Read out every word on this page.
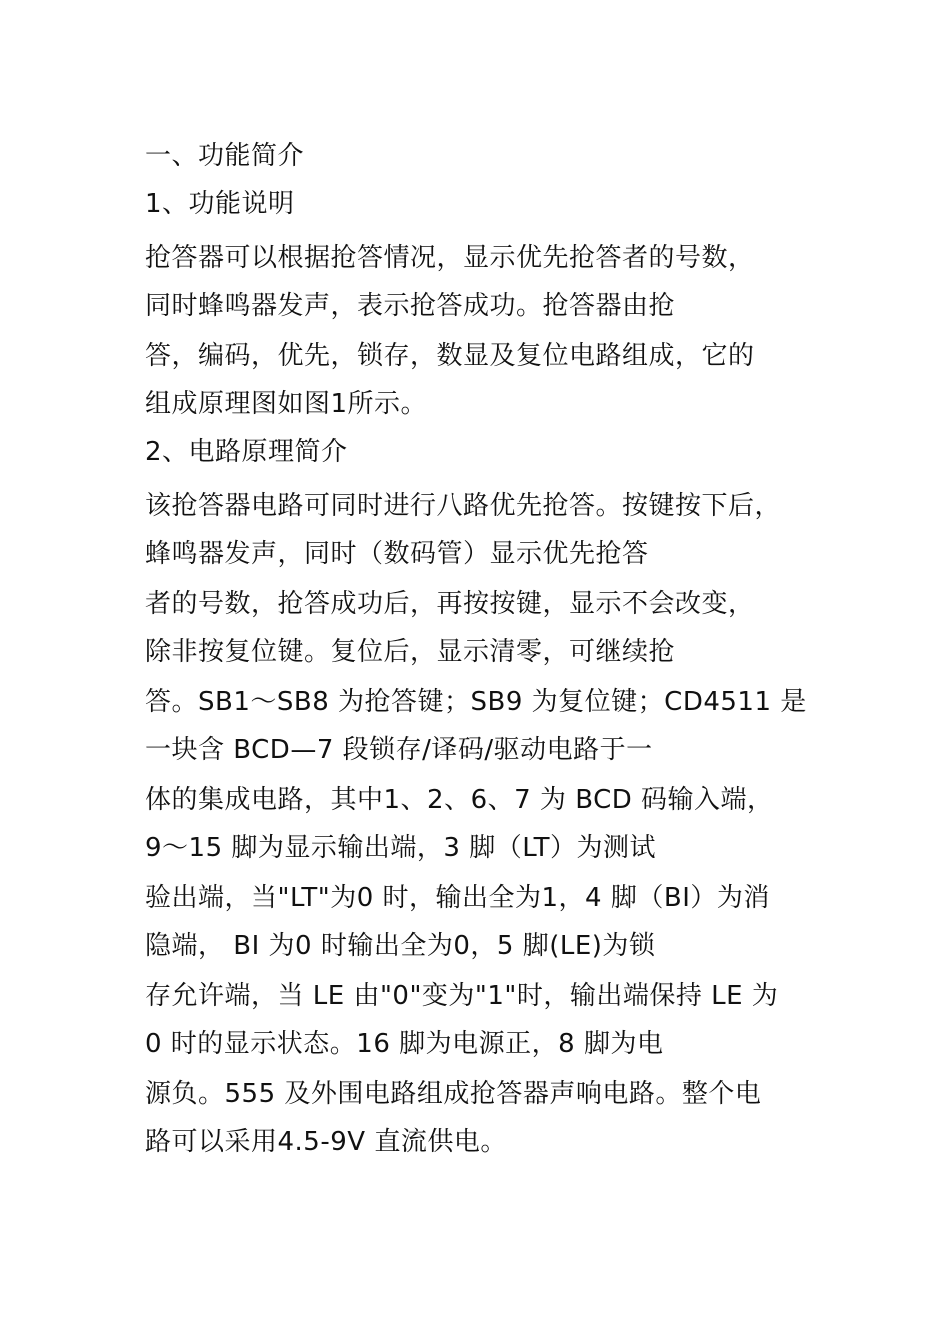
一、功能简介
1、功能说明
抢答器可以根据抢答情况，显示优先抢答者的号数，
同时蜂鸣器发声，表示抢答成功。抢答器由抢
答，编码，优先，锁存，数显及复位电路组成，它的
组成原理图如图1所示。
2、电路原理简介
该抢答器电路可同时进行八路优先抢答。按键按下后，
蜂鸣器发声，同时（数码管）显示优先抢答
者的号数，抢答成功后，再按按键，显示不会改变，
除非按复位键。复位后，显示清零，可继续抢
答。SB1～SB8 为抢答键；SB9 为复位键；CD4511 是
一块含 BCD—7 段锁存/译码/驱动电路于一
体的集成电路，其中1、2、6、7 为 BCD 码输入端，
9～15 脚为显示输出端，3 脚（LT）为测试
验出端，当"LT"为0 时，输出全为1，4 脚（BI）为消
隐端， BI 为0 时输出全为0，5 脚(LE)为锁
存允许端，当 LE 由"0"变为"1"时，输出端保持 LE 为
0 时的显示状态。16 脚为电源正，8 脚为电
源负。555 及外围电路组成抢答器声响电路。整个电
路可以采用4.5-9V 直流供电。
